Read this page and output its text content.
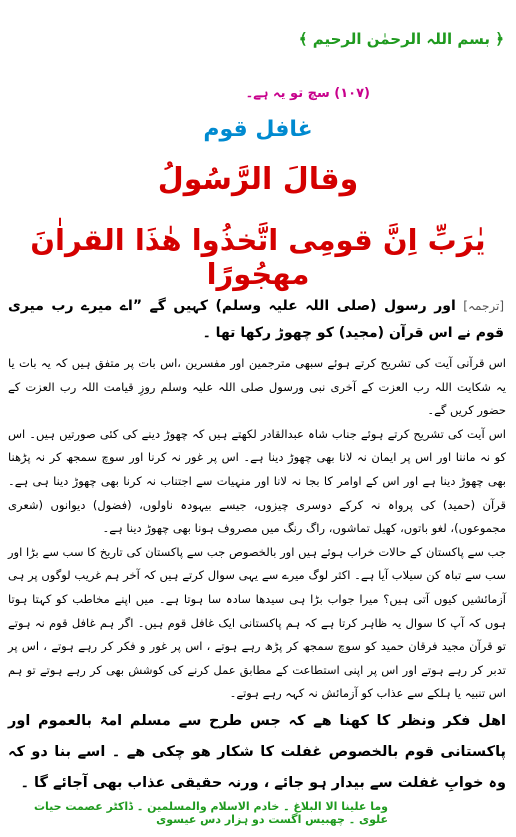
﴿ بسم اللہ الرحمٰن الرحیم ﴾
(۱۰۷) سچ تو یہ ہے۔
غافل قوم
وقالَ الرَّسُولُ
یٰرَبِّ اِنَّ قومِی اتَّخذُوا ھٰذَا القراٰنَ مھجُورًا
[ترجمہ] اور رسول (صلی اللہ علیہ وسلم) کہیں گے ”اے میرے رب میری قوم نے اس قرآن (مجید) کو چھوڑ رکھا تھا ۔

اس قرآنی آیت کی تشریح کرتے ہوئے سبھی مترجمین اور مفسرین ،اس بات پر متفق ہیں کہ یہ بات یا یہ شکایت اللہ رب العزت کے آخری نبی ورسول صلی اللہ علیہ وسلم روزِ قیامت اللہ رب العزت کے حضور کریں گے۔

اس آیت کی تشریح کرتے ہوئے جناب شاہ عبدالقادر لکھتے ہیں کہ چھوڑ دینے کی کئی صورتیں ہیں۔ اس کو نہ ماننا اور اس پر ایمان نہ لانا بھی چھوڑ دینا ہے۔ اس پر غور نہ کرنا اور سوچ سمجھ کر نہ پڑھنا بھی چھوڑ دینا ہے اور اس کے اوامر کا بجا نہ لانا اور منہیات سے اجتناب نہ کرنا بھی چھوڑ دینا ہی ہے۔ قرآن (حمید) کی پرواہ نہ کرکے دوسری چیزوں، جیسے بیہودہ ناولوں، (فضول) دیوانوں (شعری مجموعوں)، لغو باتوں، کھیل تماشوں، راگ رنگ میں مصروف ہونا بھی چھوڑ دینا ہے۔

جب سے پاکستان کے حالات خراب ہوئے ہیں اور بالخصوص جب سے پاکستان کی تاریخ کا سب سے بڑا اور سب سے تباہ کن سیلاب آیا ہے۔ اکثر لوگ میرے سے یہی سوال کرتے ہیں کہ آخر ہم غریب لوگوں پر ہی آزمائشیں کیوں آتی ہیں؟ میرا جواب بڑا ہی سیدھا سادہ سا ہوتا ہے۔ میں اپنے مخاطب کو کہتا ہوتا ہوں کہ آپ کا سوال یہ ظاہر کرتا ہے کہ ہم پاکستانی ایک غافل قوم ہیں۔ اگر ہم غافل قوم نہ ہوتے تو قرآن مجید فرقان حمید کو سوچ سمجھ کر پڑھ رہے ہوتے ، اس پر غور و فکر کر رہے ہوتے ، اس پر تدبر کر رہے ہوتے اور اس پر اپنی استطاعت کے مطابق عمل کرنے کی کوشش بھی کر رہے ہوتے تو ہم اس تنبیہ یا ہلکے سے عذاب کو آزمائش نہ کہہ رہے ہوتے۔

اھل فکر ونظر کا کھنا ھے کہ جس طرح سے مسلم امۃ بالعموم اور پاکستانی قوم بالخصوص غفلت کا شکار ھو چکی ھے ۔ اسے بنا دو کہ وہ خوابِ غفلت سے بیدار ہو جائے ، ورنہ حقیقی عذاب بھی آجائے گا ۔
وما علینا الا البلاغ ۔ خادم الاسلام والمسلمین ۔ ڈاکٹر عصمت حیات علوی ۔ چھبیس اگست دو ہزار دس عیسوی
